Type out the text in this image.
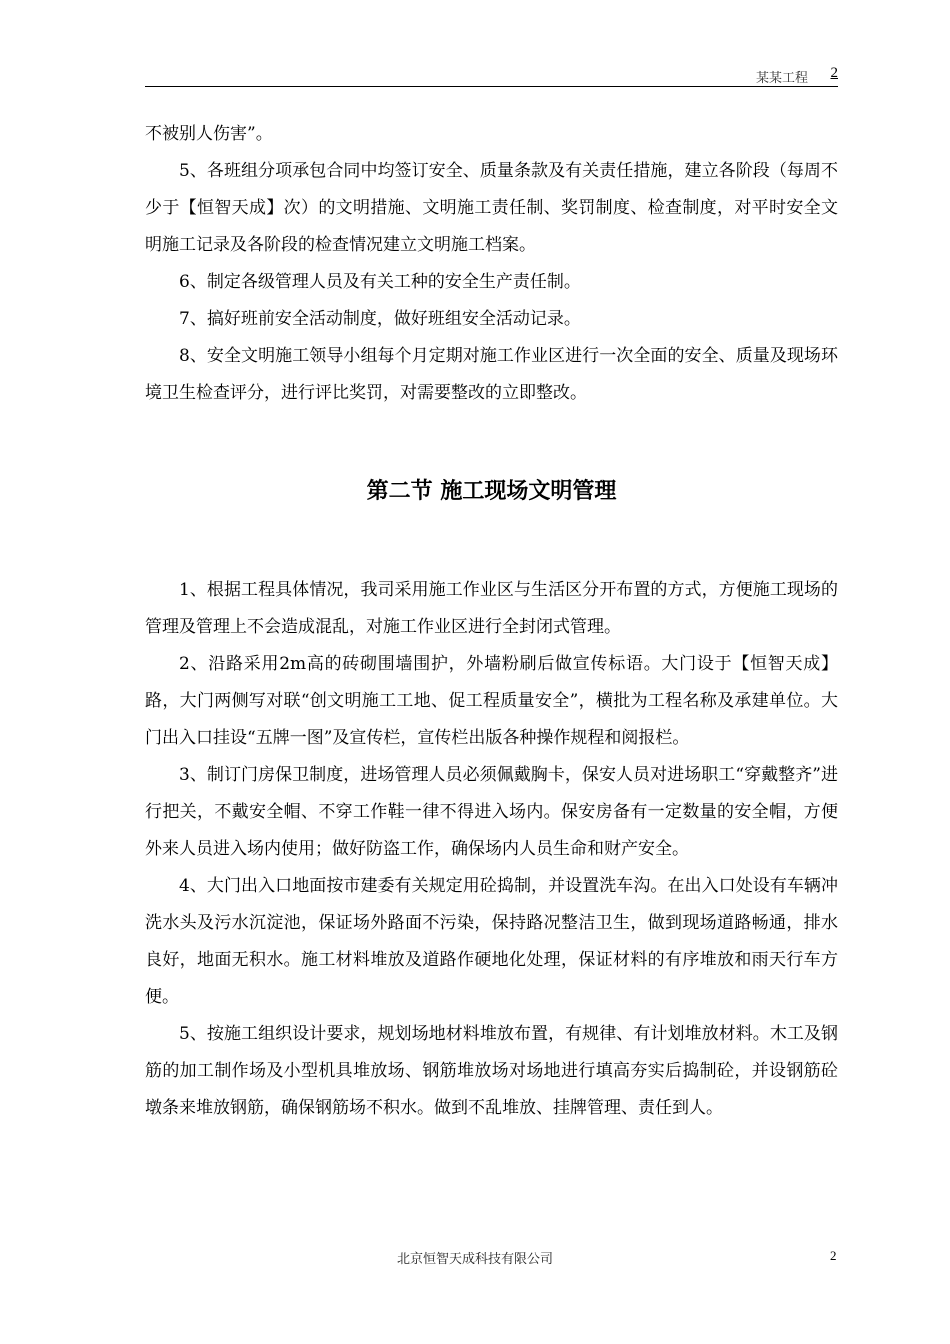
某某工程 2

不被别人伤害”。

5、各班组分项承包合同中均签订安全、质量条款及有关责任措施，建立各阶段（每周不少于【恒智天成】次）的文明措施、文明施工责任制、奖罚制度、检查制度，对平时安全文明施工记录及各阶段的检查情况建立文明施工档案。

6、制定各级管理人员及有关工种的安全生产责任制。

7、搞好班前安全活动制度，做好班组安全活动记录。

8、安全文明施工领导小组每个月定期对施工作业区进行一次全面的安全、质量及现场环境卫生检查评分，进行评比奖罚，对需要整改的立即整改。

第二节 施工现场文明管理

1、根据工程具体情况，我司采用施工作业区与生活区分开布置的方式，方便施工现场的管理及管理上不会造成混乱，对施工作业区进行全封闭式管理。

2、沿路采用2m高的砖砌围墙围护，外墙粉刷后做宣传标语。大门设于【恒智天成】路，大门两侧写对联“创文明施工工地、促工程质量安全”，横批为工程名称及承建单位。大门出入口挂设“五牌一图”及宣传栏，宣传栏出版各种操作规程和阅报栏。

3、制订门房保卫制度，进场管理人员必须佩戴胸卡，保安人员对进场职工“穿戴整齐”进行把关，不戴安全帽、不穿工作鞋一律不得进入场内。保安房备有一定数量的安全帽，方便外来人员进入场内使用；做好防盗工作，确保场内人员生命和财产安全。

4、大门出入口地面按市建委有关规定用砼捣制，并设置洗车沟。在出入口处设有车辆冲洗水头及污水沉淀池，保证场外路面不污染，保持路况整洁卫生，做到现场道路畅通，排水良好，地面无积水。施工材料堆放及道路作硬地化处理，保证材料的有序堆放和雨天行车方便。

5、按施工组织设计要求，规划场地材料堆放布置，有规律、有计划堆放材料。木工及钢筋的加工制作场及小型机具堆放场、钢筋堆放场对场地进行填高夯实后捣制砼，并设钢筋砼墩条来堆放钢筋，确保钢筋场不积水。做到不乱堆放、挂牌管理、责任到人。

北京恒智天成科技有限公司	2
